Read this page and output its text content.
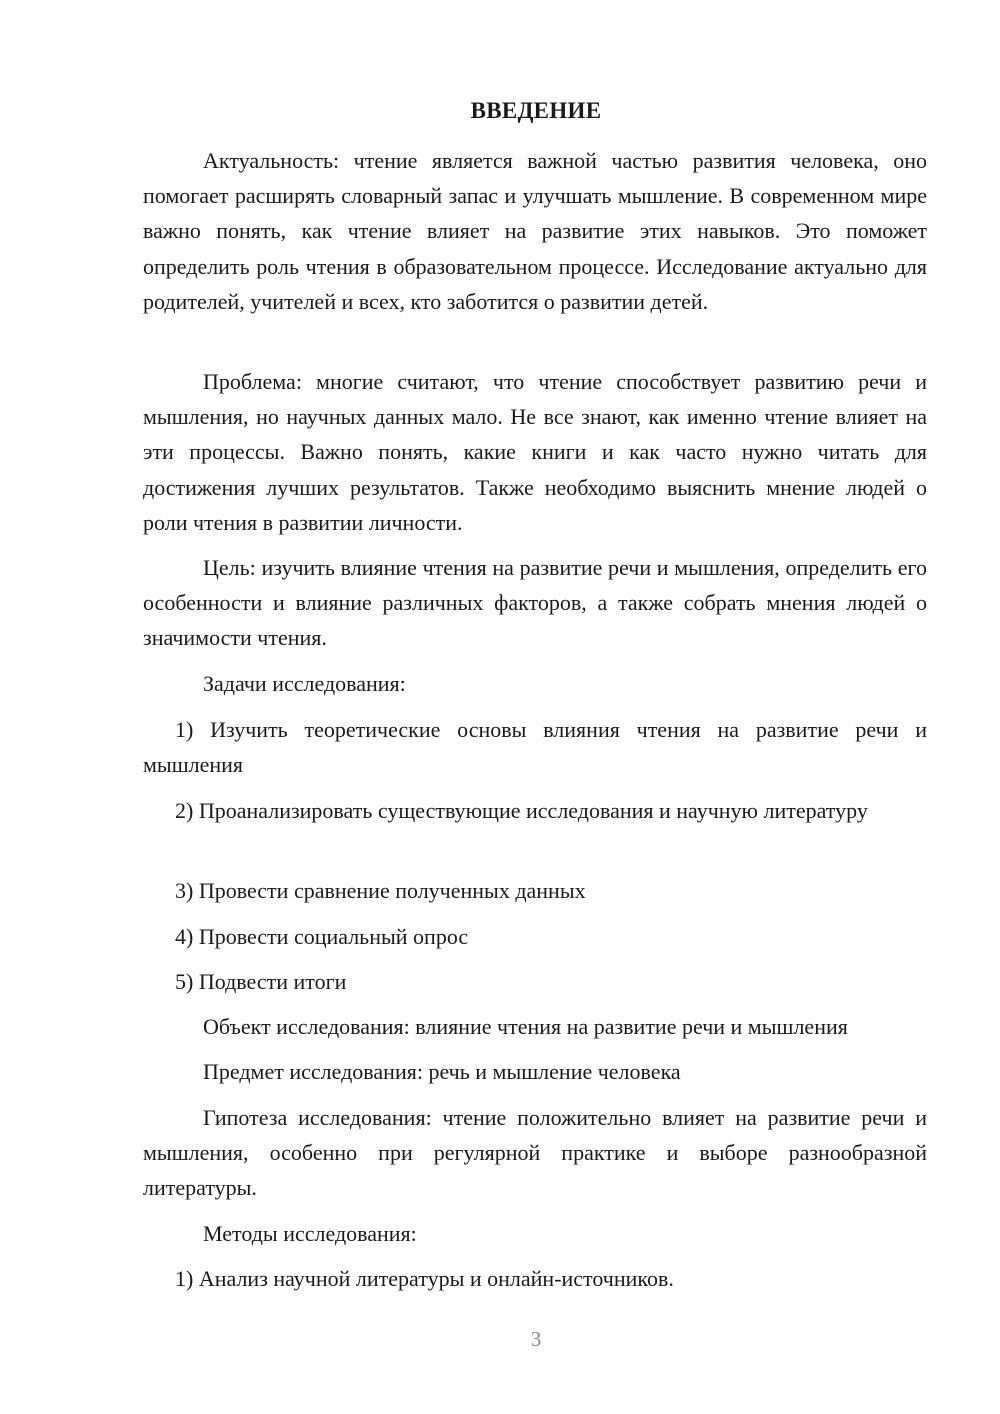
ВВЕДЕНИЕ

Актуальность: чтение является важной частью развития человека, оно помогает расширять словарный запас и улучшать мышление. В современном мире важно понять, как чтение влияет на развитие этих навыков. Это поможет определить роль чтения в образовательном процессе. Исследование актуально для родителей, учителей и всех, кто заботится о развитии детей.

Проблема: многие считают, что чтение способствует развитию речи и мышления, но научных данных мало. Не все знают, как именно чтение влияет на эти процессы. Важно понять, какие книги и как часто нужно читать для достижения лучших результатов. Также необходимо выяснить мнение людей о роли чтения в развитии личности.

Цель: изучить влияние чтения на развитие речи и мышления, определить его особенности и влияние различных факторов, а также собрать мнения людей о значимости чтения.

Задачи исследования:

1) Изучить теоретические основы влияния чтения на развитие речи и мышления

2) Проанализировать существующие исследования и научную литературу

3) Провести сравнение полученных данных

4) Провести социальный опрос

5) Подвести итоги

Объект исследования: влияние чтения на развитие речи и мышления

Предмет исследования: речь и мышление человека

Гипотеза исследования: чтение положительно влияет на развитие речи и мышления, особенно при регулярной практике и выборе разнообразной литературы.

Методы исследования:

1) Анализ научной литературы и онлайн-источников.

3
